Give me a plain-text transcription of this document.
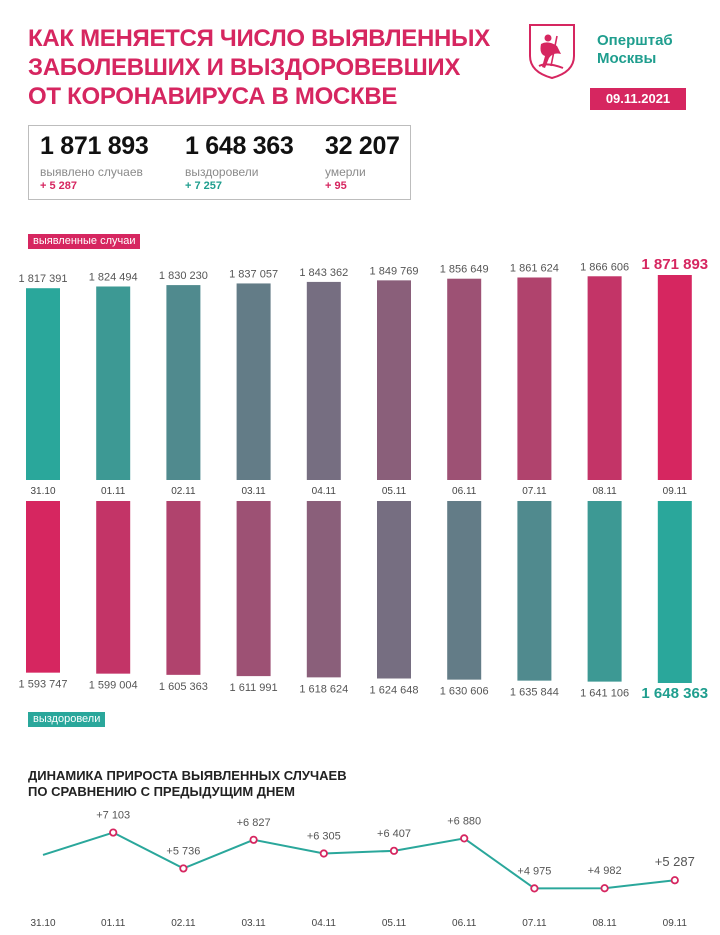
КАК МЕНЯЕТСЯ ЧИСЛО ВЫЯВЛЕННЫХ
ЗАБОЛЕВШИХ И ВЫЗДОРОВЕВШИХ
ОТ КОРОНАВИРУСА В МОСКВЕ
Оперштаб
Москвы
09.11.2021
1 871 893
выявлено случаев
+ 5 287
1 648 363
выздоровели
+ 7 257
32 207
умерли
+ 95
выявленные случаи
выздоровели
1 817 391
31.10
1 824 494
01.11
1 830 230
02.11
1 837 057
03.11
1 843 362
04.11
1 849 769
05.11
1 856 649
06.11
1 861 624
07.11
1 866 606
08.11
1 871 893
09.11
1 593 747 1 599 004 1 605 363 1 611 991 1 618 624 1 624 648 1 630 606 1 635 844 1 641 106 1 648 363
ДИНАМИКА ПРИРОСТА ВЫЯВЛЕННЫХ СЛУЧАЕВ
ПО СРАВНЕНИЮ С ПРЕДЫДУЩИМ ДНЕМ
31.10
+7 103
01.11
+5 736
02.11
+6 827
03.11
+6 305
04.11
+6 407
05.11
+6 880
06.11
+4 975
07.11
+4 982
08.11
+5 287
09.11
